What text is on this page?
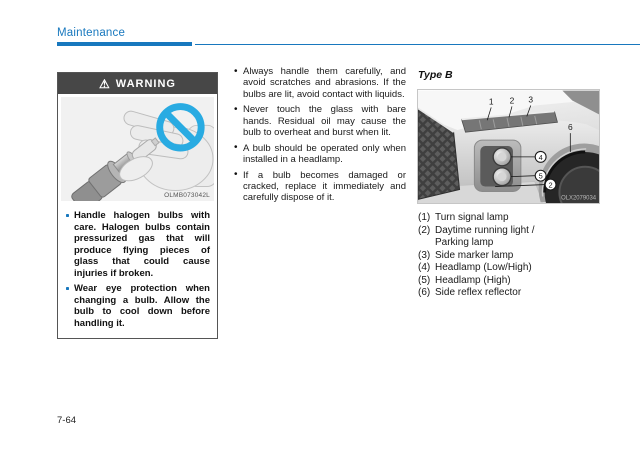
Maintenance
⚠ WARNING
OLMB073042L
Handle halogen bulbs with care. Halogen bulbs contain pressurized gas that will produce flying pieces of glass that could cause injuries if broken.
Wear eye protection when changing a bulb. Allow the bulb to cool down before handling it.
• Always handle them carefully, and avoid scratches and abrasions. If the bulbs are lit, avoid contact with liquids.
• Never touch the glass with bare hands. Residual oil may cause the bulb to overheat and burst when lit.
• A bulb should be operated only when installed in a headlamp.
• If a bulb becomes damaged or cracked, replace it immediately and carefully dispose of it.
Type B
1 2 3
6
4
5
2
OLX2079034
(1) Turn signal lamp
(2) Daytime running light / Parking lamp
(3) Side marker lamp
(4) Headlamp (Low/High)
(5) Headlamp (High)
(6) Side reflex reflector
7-64
